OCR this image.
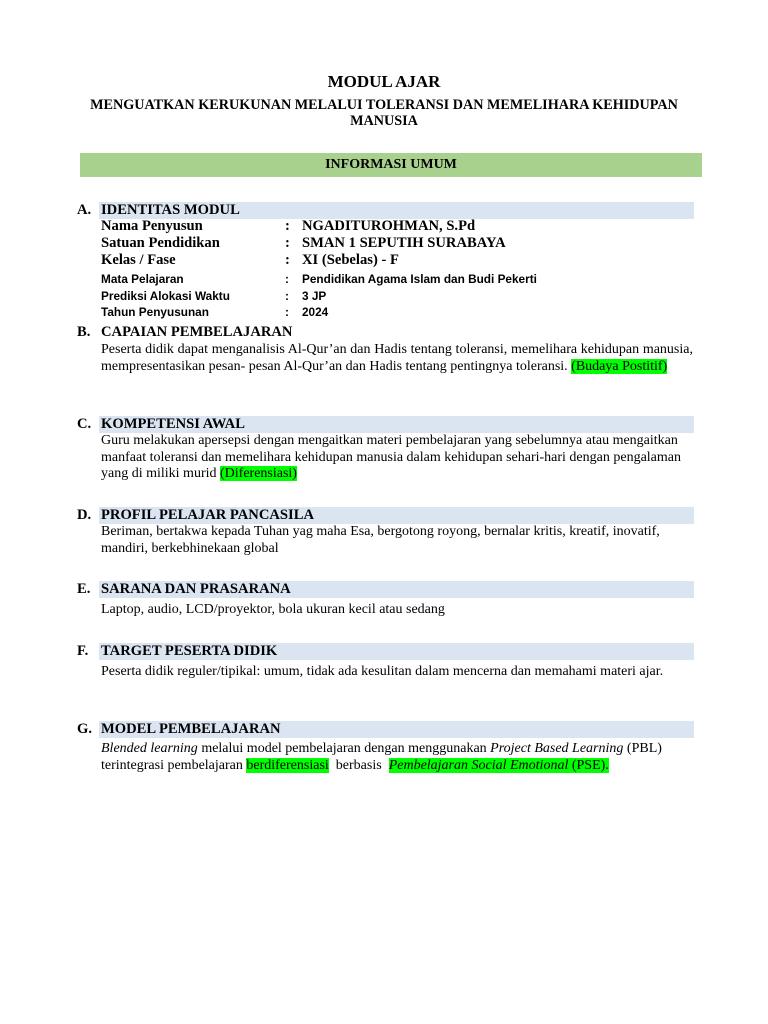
MODUL AJAR
MENGUATKAN KERUKUNAN MELALUI TOLERANSI DAN MEMELIHARA KEHIDUPAN MANUSIA
INFORMASI UMUM
A. IDENTITAS MODUL
Nama Penyusun	: NGADITUROHMAN, S.Pd
Satuan Pendidikan	: SMAN 1 SEPUTIH SURABAYA
Kelas / Fase	: XI (Sebelas) - F
Mata Pelajaran	: Pendidikan Agama Islam dan Budi Pekerti
Prediksi Alokasi Waktu	: 3 JP
Tahun Penyusunan	: 2024
B. CAPAIAN PEMBELAJARAN
Peserta didik dapat menganalisis Al-Qur’an dan Hadis tentang toleransi, memelihara kehidupan manusia, mempresentasikan pesan- pesan Al-Qur’an dan Hadis tentang pentingnya toleransi. (Budaya Postitif)
C. KOMPETENSI AWAL
Guru melakukan apersepsi dengan mengaitkan materi pembelajaran yang sebelumnya atau mengaitkan manfaat toleransi dan memelihara kehidupan manusia dalam kehidupan sehari-hari dengan pengalaman yang di miliki murid (Diferensiasi)
D. PROFIL PELAJAR PANCASILA
Beriman, bertakwa kepada Tuhan yag maha Esa, bergotong royong, bernalar kritis, kreatif, inovatif, mandiri, berkebhinekaan global
E. SARANA DAN PRASARANA
Laptop, audio, LCD/proyektor, bola ukuran kecil atau sedang
F. TARGET PESERTA DIDIK
Peserta didik reguler/tipikal: umum, tidak ada kesulitan dalam mencerna dan memahami materi ajar.
G. MODEL PEMBELAJARAN
Blended learning melalui model pembelajaran dengan menggunakan Project Based Learning (PBL) terintegrasi pembelajaran berdiferensiasi  berbasis  Pembelajaran Social Emotional (PSE).
